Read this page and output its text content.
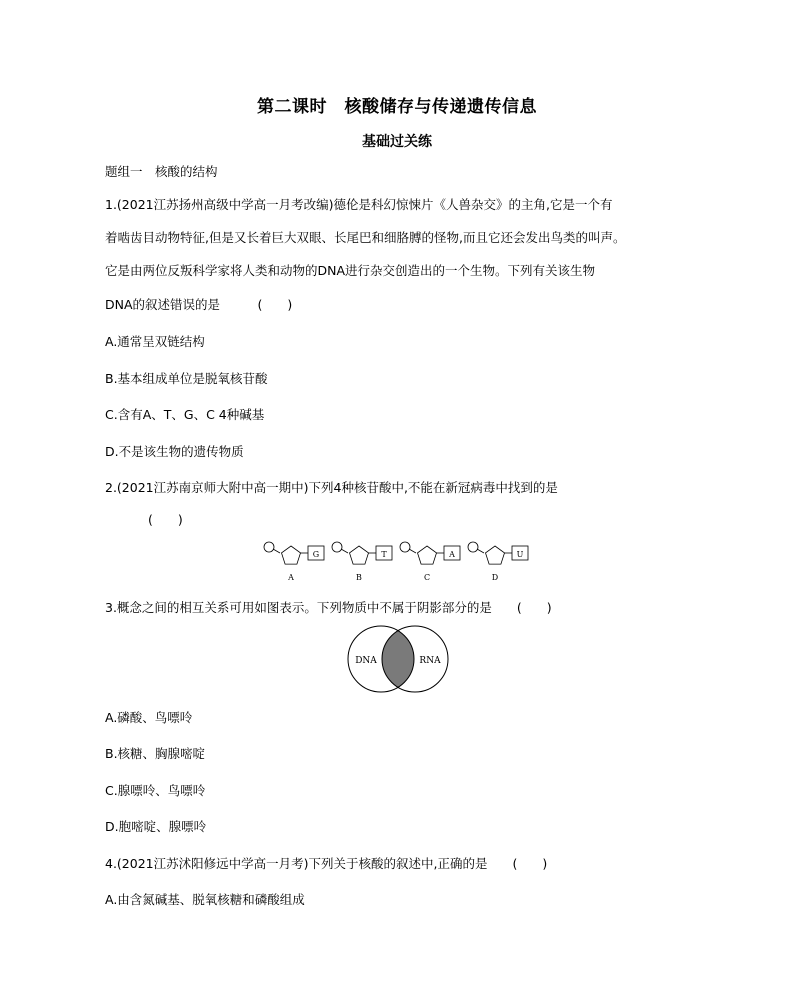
第二课时　核酸储存与传递遗传信息
基础过关练
题组一　核酸的结构
1.(2021江苏扬州高级中学高一月考改编)德伦是科幻惊悚片《人兽杂交》的主角,它是一个有
着啮齿目动物特征,但是又长着巨大双眼、长尾巴和细胳膊的怪物,而且它还会发出鸟类的叫声。
它是由两位反叛科学家将人类和动物的DNA进行杂交创造出的一个生物。下列有关该生物
DNA的叙述错误的是　　　(　　)
A.通常呈双链结构
B.基本组成单位是脱氧核苷酸
C.含有A、T、G、C 4种碱基
D.不是该生物的遗传物质
2.(2021江苏南京师大附中高一期中)下列4种核苷酸中,不能在新冠病毒中找到的是
(　　)
G
A
T
B
A
C
U
D
3.概念之间的相互关系可用如图表示。下列物质中不属于阴影部分的是　　(　　)
DNA	RNA
A.磷酸、鸟嘌呤
B.核糖、胸腺嘧啶
C.腺嘌呤、鸟嘌呤
D.胞嘧啶、腺嘌呤
4.(2021江苏沭阳修远中学高一月考)下列关于核酸的叙述中,正确的是　　(　　)
A.由含氮碱基、脱氧核糖和磷酸组成
